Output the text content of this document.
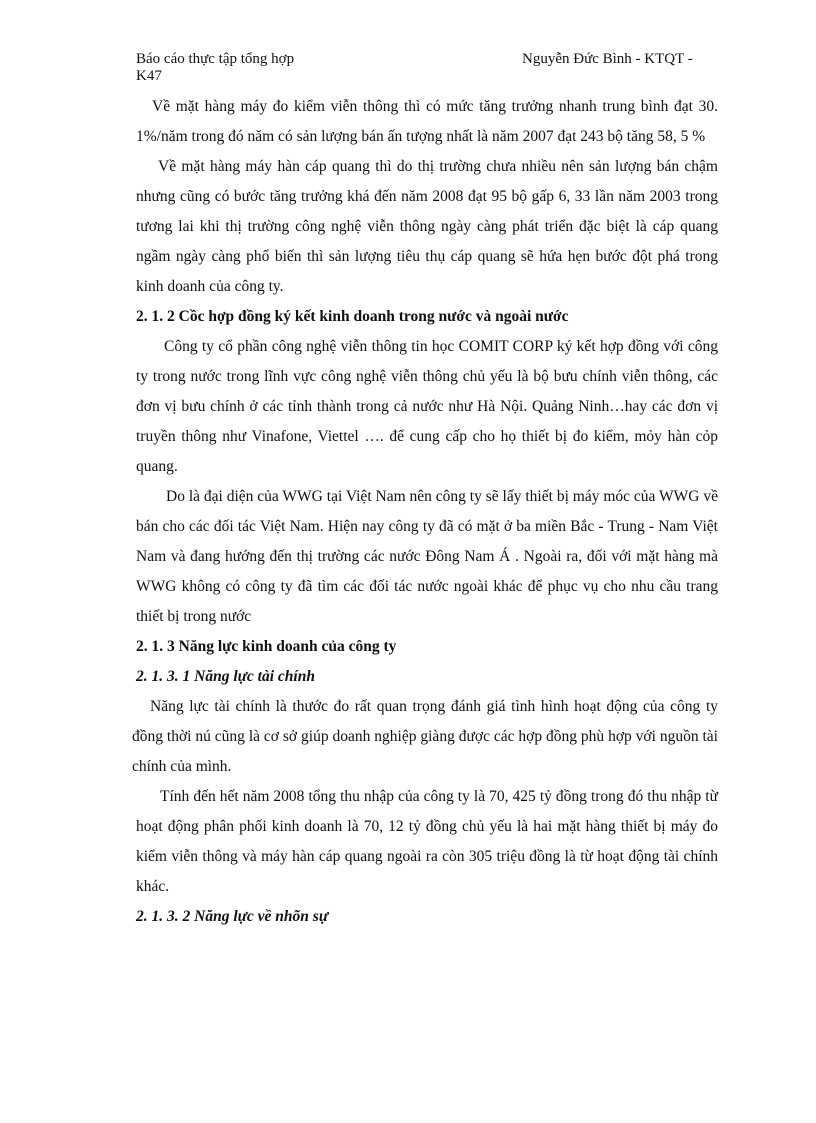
Báo cáo thực tập tổng hợp	Nguyễn Đức Bình - KTQT -
K47

Về mặt hàng máy đo kiểm viễn thông thì có mức tăng trưởng nhanh trung bình đạt 30. 1%/năm trong đó năm có sản lượng bán ấn tượng nhất là năm 2007 đạt 243 bộ tăng 58, 5 %

Về mặt hàng máy hàn cáp quang thì do thị trường chưa nhiều nên sản lượng bán chậm nhưng cũng có bước tăng trưởng khá đến năm 2008 đạt 95 bộ gấp 6, 33 lần năm 2003 trong tương lai khi thị trường công nghệ viễn thông ngày càng phát triển đặc biệt là cáp quang ngầm ngày càng phổ biến thì sản lượng tiêu thụ cáp quang sẽ hứa hẹn bước đột phá trong kinh doanh của công ty.

2. 1. 2 Cồc hợp đồng ký kết kinh doanh trong nước và ngoài nước

Công ty cổ phần công nghệ viễn thông tin học COMIT CORP ký kết hợp đồng với công ty trong nước trong lĩnh vực công nghệ viễn thông chủ yếu là bộ bưu chính viễn thông, các đơn vị bưu chính ở các tỉnh thành trong cả nước như Hà Nội. Quảng Ninh…hay các đơn vị truyền thông như Vinafone, Viettel …. để cung cấp cho họ thiết bị đo kiểm, mỏy hàn cỏp quang.

Do là đại diện của WWG tại Việt Nam nên công ty sẽ lấy thiết bị máy móc của WWG về bán cho các đối tác Việt Nam. Hiện nay công ty đã có mặt ở ba miền Bắc - Trung - Nam Việt Nam và đang hướng đến thị trường các nước Đông Nam Á . Ngoài ra, đối với mặt hàng mà WWG không có công ty đã tìm các đối tác nước ngoài khác để phục vụ cho nhu cầu trang thiết bị trong nước

2. 1. 3 Năng lực kinh doanh của công ty
2. 1. 3. 1 Năng lực tài chính

Năng lực tài chính là thước đo rất quan trọng đánh giá tình hình hoạt động của công ty đồng thời nú cũng là cơ sở giúp doanh nghiệp giàng được các hợp đồng phù hợp với nguồn tài chính của mình.

Tính đến hết năm 2008 tổng thu nhập của công ty là 70, 425 tỷ đồng trong đó thu nhập từ hoạt động phân phối kinh doanh là 70, 12 tỷ đồng chủ yếu là hai mặt hàng thiết bị máy đo kiểm viễn thông và máy hàn cáp quang ngoài ra còn 305 triệu đồng là từ hoạt động tài chính khác.

2. 1. 3. 2 Năng lực về nhõn sự
